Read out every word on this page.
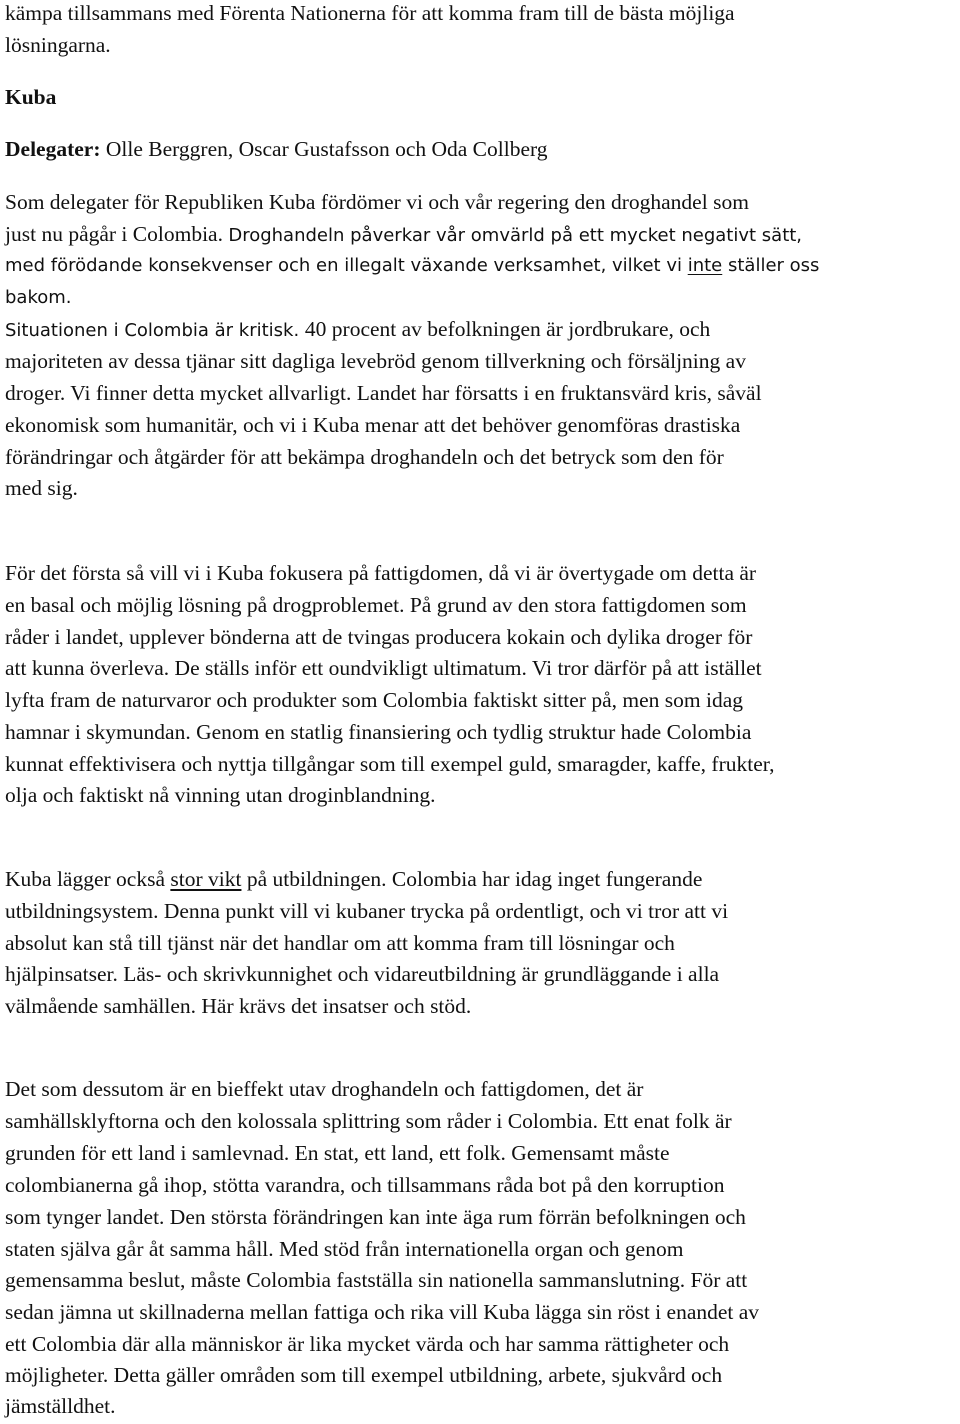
kämpa tillsammans med Förenta Nationerna för att komma fram till de bästa möjliga
lösningarna.
Kuba
Delegater: Olle Berggren, Oscar Gustafsson och Oda Collberg
Som delegater för Republiken Kuba fördömer vi och vår regering den droghandel som
just nu pågår i Colombia. Droghandeln påverkar vår omvärld på ett mycket negativt sätt,
med förödande konsekvenser och en illegalt växande verksamhet, vilket vi inte ställer oss
bakom.
Situationen i Colombia är kritisk. 40 procent av befolkningen är jordbrukare, och
majoriteten av dessa tjänar sitt dagliga levebröd genom tillverkning och försäljning av
droger. Vi finner detta mycket allvarligt. Landet har försatts i en fruktansvärd kris, såväl
ekonomisk som humanitär, och vi i Kuba menar att det behöver genomföras drastiska
förändringar och åtgärder för att bekämpa droghandeln och det betryck som den för
med sig.
För det första så vill vi i Kuba fokusera på fattigdomen, då vi är övertygade om detta är
en basal och möjlig lösning på drogproblemet. På grund av den stora fattigdomen som
råder i landet, upplever bönderna att de tvingas producera kokain och dylika droger för
att kunna överleva. De ställs inför ett oundvikligt ultimatum. Vi tror därför på att istället
lyfta fram de naturvaror och produkter som Colombia faktiskt sitter på, men som idag
hamnar i skymundan. Genom en statlig finansiering och tydlig struktur hade Colombia
kunnat effektivisera och nyttja tillgångar som till exempel guld, smaragder, kaffe, frukter,
olja och faktiskt nå vinning utan droginblandning.
Kuba lägger också stor vikt på utbildningen. Colombia har idag inget fungerande
utbildningsystem. Denna punkt vill vi kubaner trycka på ordentligt, och vi tror att vi
absolut kan stå till tjänst när det handlar om att komma fram till lösningar och
hjälpinsatser. Läs- och skrivkunnighet och vidareutbildning är grundläggande i alla
välmående samhällen. Här krävs det insatser och stöd.
Det som dessutom är en bieffekt utav droghandeln och fattigdomen, det är
samhällsklyftorna och den kolossala splittring som råder i Colombia. Ett enat folk är
grunden för ett land i samlevnad. En stat, ett land, ett folk. Gemensamt måste
colombianerna gå ihop, stötta varandra, och tillsammans råda bot på den korruption
som tynger landet. Den största förändringen kan inte äga rum förrän befolkningen och
staten själva går åt samma håll. Med stöd från internationella organ och genom
gemensamma beslut, måste Colombia fastställa sin nationella sammanslutning. För att
sedan jämna ut skillnaderna mellan fattiga och rika vill Kuba lägga sin röst i enandet av
ett Colombia där alla människor är lika mycket värda och har samma rättigheter och
möjligheter. Detta gäller områden som till exempel utbildning, arbete, sjukvård och
jämställdhet.
